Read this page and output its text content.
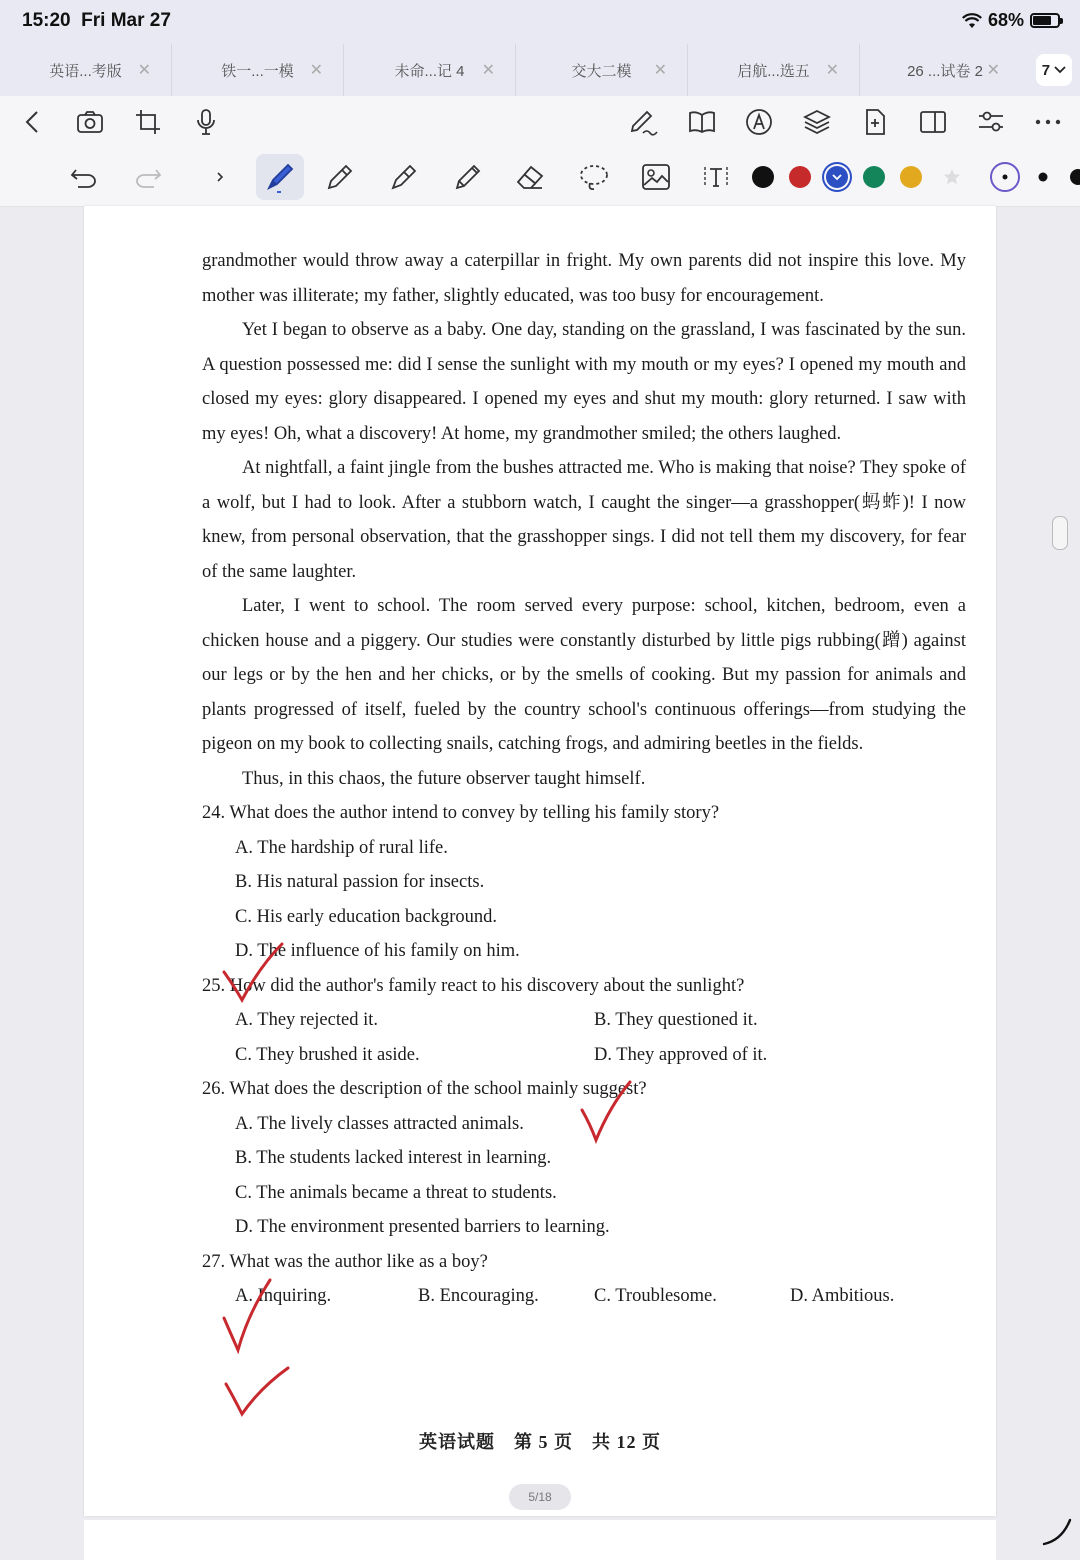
15:20 Fri Mar 27	68%
英语...考版 ✕	铁一...一模 ✕	未命...记 4 ✕	交大二模 ✕	启航...选五 ✕	26 ...试卷 2 ✕	7

grandmother would throw away a caterpillar in fright. My own parents did not inspire this love. My mother was illiterate; my father, slightly educated, was too busy for encouragement.

Yet I began to observe as a baby. One day, standing on the grassland, I was fascinated by the sun. A question possessed me: did I sense the sunlight with my mouth or my eyes? I opened my mouth and closed my eyes: glory disappeared. I opened my eyes and shut my mouth: glory returned. I saw with my eyes! Oh, what a discovery! At home, my grandmother smiled; the others laughed.

At nightfall, a faint jingle from the bushes attracted me. Who is making that noise? They spoke of a wolf, but I had to look. After a stubborn watch, I caught the singer—a grasshopper(蚂蚱)! I now knew, from personal observation, that the grasshopper sings. I did not tell them my discovery, for fear of the same laughter.

Later, I went to school. The room served every purpose: school, kitchen, bedroom, even a chicken house and a piggery. Our studies were constantly disturbed by little pigs rubbing(蹭) against our legs or by the hen and her chicks, or by the smells of cooking. But my passion for animals and plants progressed of itself, fueled by the country school's continuous offerings—from studying the pigeon on my book to collecting snails, catching frogs, and admiring beetles in the fields.

Thus, in this chaos, the future observer taught himself.

24. What does the author intend to convey by telling his family story?
A. The hardship of rural life.
B. His natural passion for insects.
C. His early education background.
D. The influence of his family on him.
25. How did the author's family react to his discovery about the sunlight?
A. They rejected it.	B. They questioned it.
C. They brushed it aside.	D. They approved of it.
26. What does the description of the school mainly suggest?
A. The lively classes attracted animals.
B. The students lacked interest in learning.
C. The animals became a threat to students.
D. The environment presented barriers to learning.
27. What was the author like as a boy?
A. Inquiring.	B. Encouraging.	C. Troublesome.	D. Ambitious.
英语试题　第 5 页　共 12 页
5/18
